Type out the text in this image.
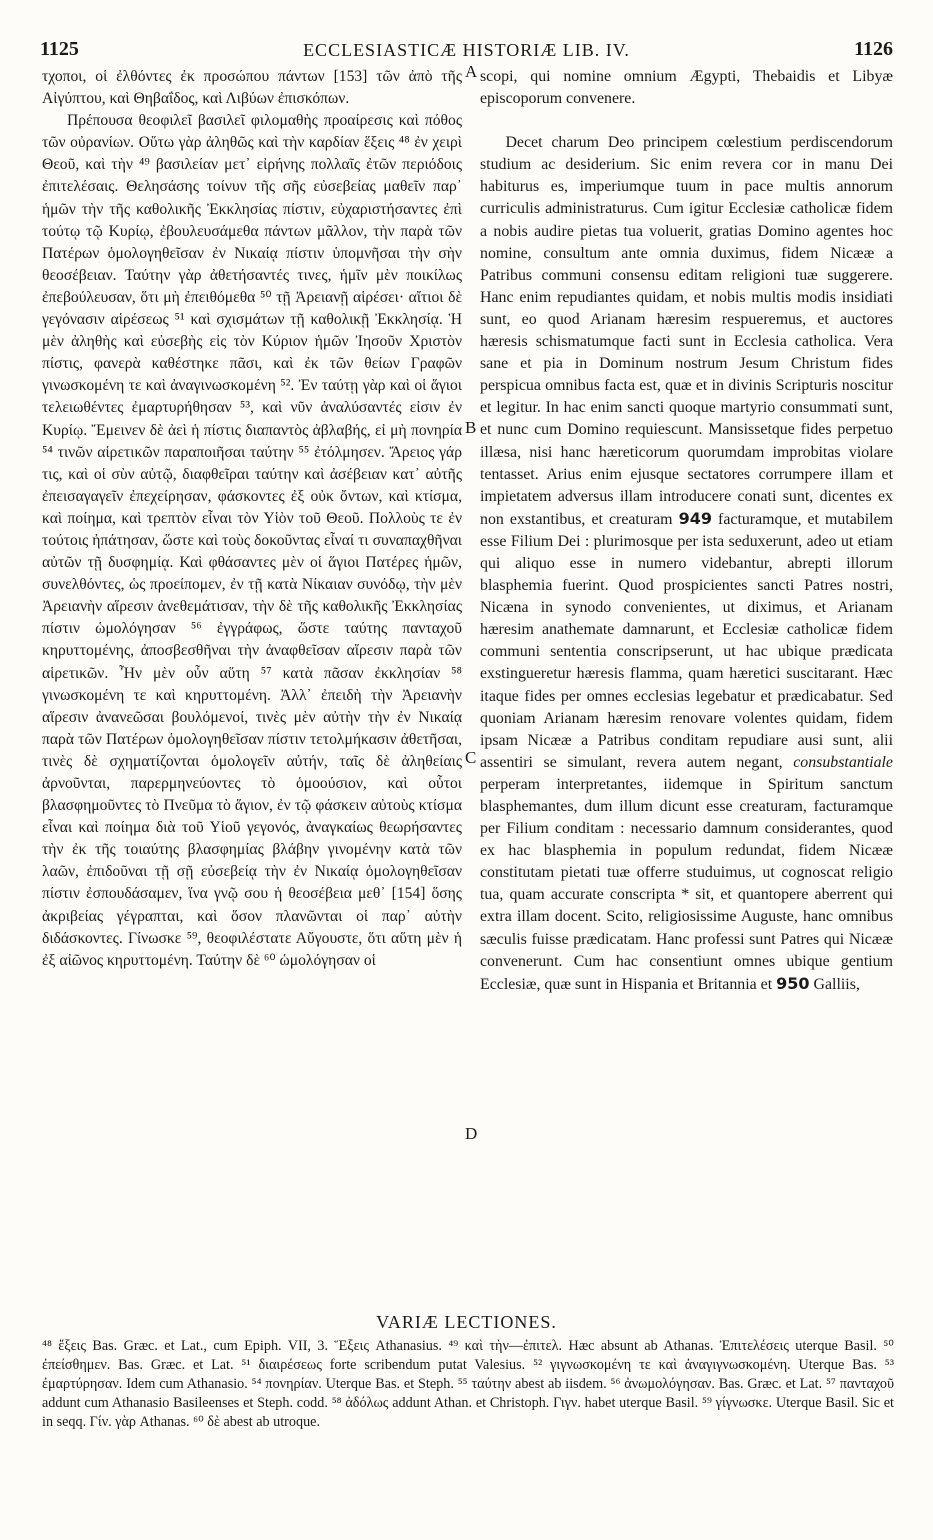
1125	ECCLESIASTICÆ HISTORIÆ LIB. IV.	1126

τχοποι, οἱ ἐλθόντες ἐκ προσώπου πάντων [153] τῶν ἀπὸ τῆς Αἰγύπτου, καὶ Θηβαΐδος, καὶ Λιβύων ἐπισκόπων.

Πρέπουσα θεοφιλεῖ βασιλεῖ φιλομαθὴς προαίρεσις καὶ πόθος τῶν οὐρανίων. Οὕτω γὰρ ἀληθῶς καὶ τὴν καρδίαν ἕξεις ⁴⁸ ἐν χειρὶ Θεοῦ, καὶ τὴν ⁴⁹ βασιλείαν μετ᾽ εἰρήνης πολλαῖς ἐτῶν περιόδοις ἐπιτελέσαις. Θελησάσης τοίνυν τῆς σῆς εὐσεβείας μαθεῖν παρ᾽ ἡμῶν τὴν τῆς καθολικῆς Ἐκκλησίας πίστιν, εὐχαριστήσαντες ἐπὶ τούτῳ τῷ Κυρίῳ, ἐβουλευσάμεθα πάντων μᾶλλον, τὴν παρὰ τῶν Πατέρων ὁμολογηθεῖσαν ἐν Νικαίᾳ πίστιν ὑπομνῆσαι τὴν σὴν θεοσέβειαν. Ταύτην γὰρ ἀθετήσαντές τινες, ἡμῖν μὲν ποικίλως ἐπεβούλευσαν, ὅτι μὴ ἐπειθόμεθα ⁵⁰ τῇ Ἀρειανῇ αἱρέσει· αἴτιοι δὲ γεγόνασιν αἱρέσεως ⁵¹ καὶ σχισμάτων τῇ καθολικῇ Ἐκκλησίᾳ. Ἡ μὲν ἀληθὴς καὶ εὐσεβὴς εἰς τὸν Κύριον ἡμῶν Ἰησοῦν Χριστὸν πίστις, φανερὰ καθέστηκε πᾶσι, καὶ ἐκ τῶν θείων Γραφῶν γινωσκομένη τε καὶ ἀναγινωσκομένη ⁵². Ἐν ταύτῃ γὰρ καὶ οἱ ἅγιοι τελειωθέντες ἐμαρτυρήθησαν ⁵³, καὶ νῦν ἀναλύσαντές εἰσιν ἐν Κυρίῳ. Ἔμεινεν δὲ ἀεὶ ἡ πίστις διαπαντὸς ἀβλαβής, εἰ μὴ πονηρία ⁵⁴ τινῶν αἱρετικῶν παραποιῆσαι ταύτην ⁵⁵ ἐτόλμησεν. Ἄρειος γάρ τις, καὶ οἱ σὺν αὐτῷ, διαφθεῖραι ταύτην καὶ ἀσέβειαν κατ᾽ αὐτῆς ἐπεισαγαγεῖν ἐπεχείρησαν, φάσκοντες ἐξ οὐκ ὄντων, καὶ κτίσμα, καὶ ποίημα, καὶ τρεπτὸν εἶναι τὸν Υἱὸν τοῦ Θεοῦ. Πολλοὺς τε ἐν τούτοις ἠπάτησαν, ὥστε καὶ τοὺς δοκοῦντας εἶναί τι συναπαχθῆναι αὐτῶν τῇ δυσφημίᾳ. Καὶ φθάσαντες μὲν οἱ ἅγιοι Πατέρες ἡμῶν, συνελθόντες, ὡς προείπομεν, ἐν τῇ κατὰ Νίκαιαν συνόδῳ, τὴν μὲν Ἀρειανὴν αἵρεσιν ἀνεθεμάτισαν, τὴν δὲ τῆς καθολικῆς Ἐκκλησίας πίστιν ὡμολόγησαν ⁵⁶ ἐγγράφως, ὥστε ταύτης πανταχοῦ κηρυττομένης, ἀποσβεσθῆναι τὴν ἀναφθεῖσαν αἵρεσιν παρὰ τῶν αἱρετικῶν. Ἦν μὲν οὖν αὕτη ⁵⁷ κατὰ πᾶσαν ἐκκλησίαν ⁵⁸ γινωσκομένη τε καὶ κηρυττομένη. Ἀλλ᾽ ἐπειδὴ τὴν Ἀρειανὴν αἵρεσιν ἀνανεῶσαι βουλόμενοί, τινὲς μὲν αὐτὴν τὴν ἐν Νικαίᾳ παρὰ τῶν Πατέρων ὁμολογηθεῖσαν πίστιν τετολμήκασιν ἀθετῆσαι, τινὲς δὲ σχηματίζονται ὁμολογεῖν αὐτήν, ταῖς δὲ ἀληθείαις ἀρνοῦνται, παρερμηνεύοντες τὸ ὁμοούσιον, καὶ οὗτοι βλασφημοῦντες τὸ Πνεῦμα τὸ ἅγιον, ἐν τῷ φάσκειν αὐτοὺς κτίσμα εἶναι καὶ ποίημα διὰ τοῦ Υἱοῦ γεγονός, ἀναγκαίως θεωρήσαντες τὴν ἐκ τῆς τοιαύτης βλασφημίας βλάβην γινομένην κατὰ τῶν λαῶν, ἐπιδοῦναι τῇ σῇ εὐσεβείᾳ τὴν ἐν Νικαίᾳ ὁμολογηθεῖσαν πίστιν ἐσπουδάσαμεν, ἵνα γνῷ σου ἡ θεοσέβεια μεθ᾽ [154] ὅσης ἀκριβείας γέγραπται, καὶ ὅσον πλανῶνται οἱ παρ᾽ αὐτὴν διδάσκοντες. Γίνωσκε ⁵⁹, θεοφιλέστατε Αὔγουστε, ὅτι αὕτη μὲν ἡ ἐξ αἰῶνος κηρυττομένη. Ταύτην δὲ ⁶⁰ ὡμολόγησαν οἱ

A
B
C
D

scopi, qui nomine omnium Ægypti, Thebaidis et Libyæ episcoporum convenere.

Decet charum Deo principem cœlestium perdiscendorum studium ac desiderium. Sic enim revera cor in manu Dei habiturus es, imperiumque tuum in pace multis annorum curriculis administraturus. Cum igitur Ecclesiæ catholicæ fidem a nobis audire pietas tua voluerit, gratias Domino agentes hoc nomine, consultum ante omnia duximus, fidem Nicææ a Patribus communi consensu editam religioni tuæ suggerere. Hanc enim repudiantes quidam, et nobis multis modis insidiati sunt, eo quod Arianam hæresim respueremus, et auctores hæresis schismatumque facti sunt in Ecclesia catholica. Vera sane et pia in Dominum nostrum Jesum Christum fides perspicua omnibus facta est, quæ et in divinis Scripturis noscitur et legitur. In hac enim sancti quoque martyrio consummati sunt, et nunc cum Domino requiescunt. Mansissetque fides perpetuo illæsa, nisi hanc hæreticorum quorumdam improbitas violare tentasset. Arius enim ejusque sectatores corrumpere illam et impietatem adversus illam introducere conati sunt, dicentes ex non exstantibus, et creaturam 949 facturamque, et mutabilem esse Filium Dei : plurimosque per ista seduxerunt, adeo ut etiam qui aliquo esse in numero videbantur, abrepti illorum blasphemia fuerint. Quod prospicientes sancti Patres nostri, Nicæna in synodo convenientes, ut diximus, et Arianam hæresim anathemate damnarunt, et Ecclesiæ catholicæ fidem communi sententia conscripserunt, ut hac ubique prædicata exstingueretur hæresis flamma, quam hæretici suscitarant. Hæc itaque fides per omnes ecclesias legebatur et prædicabatur. Sed quoniam Arianam hæresim renovare volentes quidam, fidem ipsam Nicææ a Patribus conditam repudiare ausi sunt, alii assentiri se simulant, revera autem negant, consubstantiale perperam interpretantes, iidemque in Spiritum sanctum blasphemantes, dum illum dicunt esse creaturam, facturamque per Filium conditam : necessario damnum considerantes, quod ex hac blasphemia in populum redundat, fidem Nicææ constitutam pietati tuæ offerre studuimus, ut cognoscat religio tua, quam accurate conscripta * sit, et quantopere aberrent qui extra illam docent. Scito, religiosissime Auguste, hanc omnibus sæculis fuisse prædicatam. Hanc professi sunt Patres qui Nicææ convenerunt. Cum hac consentiunt omnes ubique gentium Ecclesiæ, quæ sunt in Hispania et Britannia et 950 Galliis,

VARIÆ LECTIONES.

⁴⁸ ἕξεις Bas. Græc. et Lat., cum Epiph. VII, 3. Ἕξεις Athanasius. ⁴⁹ καὶ τὴν—ἐπιτελ. Hæc absunt ab Athanas. Ἐπιτελέσεις uterque Basil. ⁵⁰ ἐπείσθημεν. Bas. Græc. et Lat. ⁵¹ διαιρέσεως forte scribendum putat Valesius. ⁵² γιγνωσκομένη τε καὶ ἀναγιγνωσκομένη. Uterque Bas. ⁵³ ἐμαρτύρησαν. Idem cum Athanasio. ⁵⁴ πονηρίαν. Uterque Bas. et Steph. ⁵⁵ ταύτην abest ab iisdem. ⁵⁶ ἀνωμολόγησαν. Bas. Græc. et Lat. ⁵⁷ πανταχοῦ addunt cum Athanasio Basileenses et Steph. codd. ⁵⁸ ἀδόλως addunt Athan. et Christoph. Γιγν. habet uterque Basil. ⁵⁹ γίγνωσκε. Uterque Basil. Sic et in seqq. Γίν. γὰρ Athanas. ⁶⁰ δὲ abest ab utroque.
